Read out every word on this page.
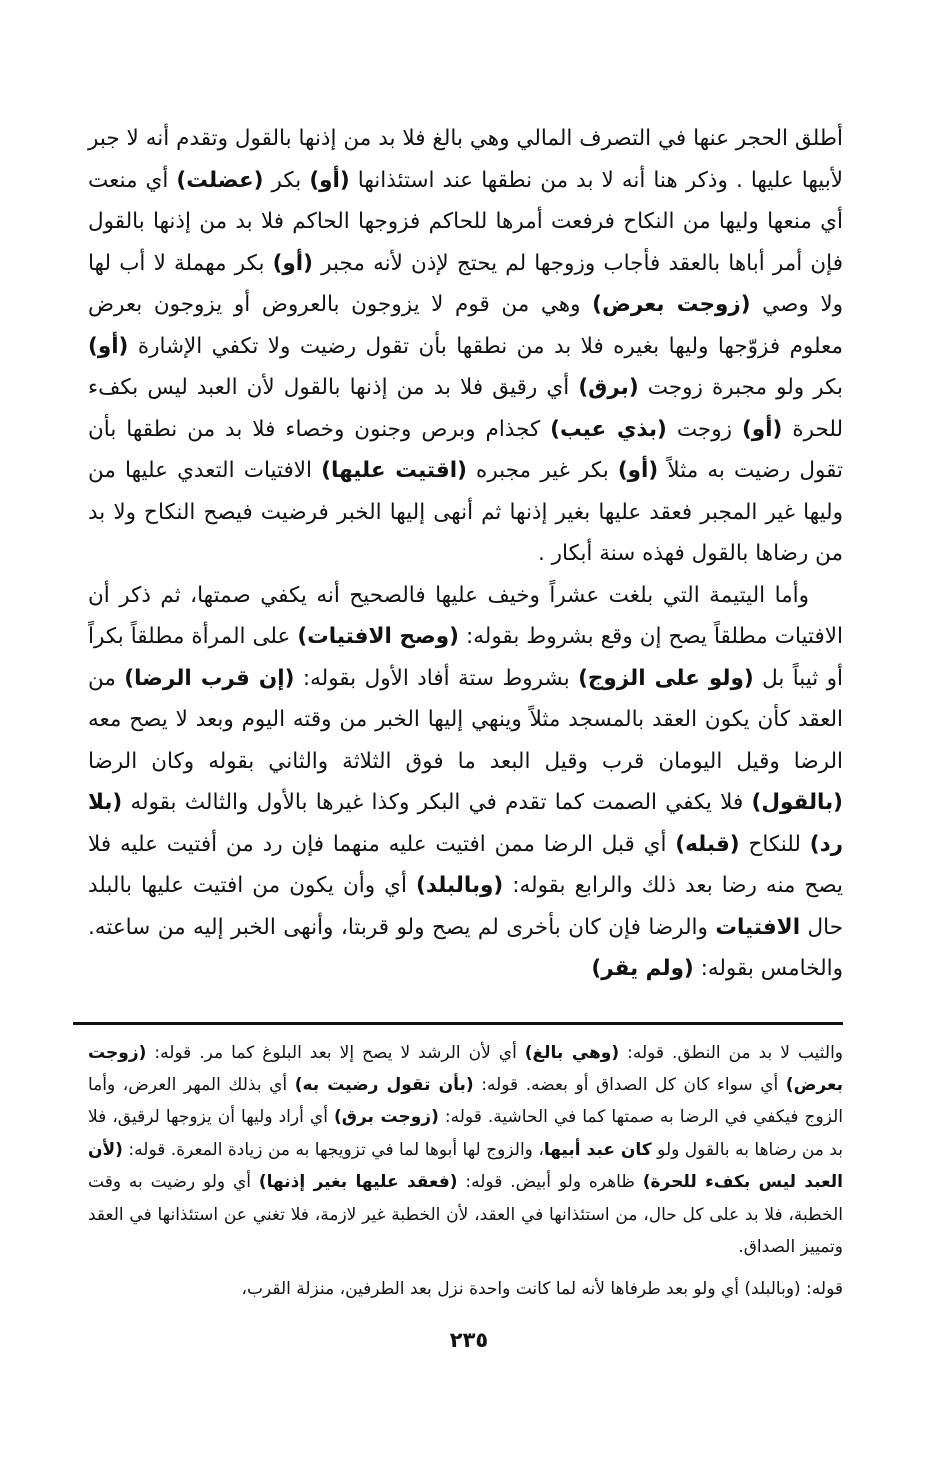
أطلق الحجر عنها في التصرف المالي وهي بالغ فلا بد من إذنها بالقول وتقدم أنه لا جبر لأبيها عليها . وذكر هنا أنه لا بد من نطقها عند استئذانها (أو) بكر (عضلت) أي منعت أي منعها وليها من النكاح فرفعت أمرها للحاكم فزوجها الحاكم فلا بد من إذنها بالقول فإن أمر أباها بالعقد فأجاب وزوجها لم يحتج لإذن لأنه مجبر (أو) بكر مهملة لا أب لها ولا وصي (زوجت بعرض) وهي من قوم لا يزوجون بالعروض أو يزوجون بعرض معلوم فزوّجها وليها بغيره فلا بد من نطقها بأن تقول رضيت ولا تكفي الإشارة (أو) بكر ولو مجبرة زوجت (برق) أي رقيق فلا بد من إذنها بالقول لأن العبد ليس بكفء للحرة (أو) زوجت (بذي عيب) كجذام وبرص وجنون وخصاء فلا بد من نطقها بأن تقول رضيت به مثلاً (أو) بكر غير مجبره (اقتيت عليها) الافتيات التعدي عليها من وليها غير المجبر فعقد عليها بغير إذنها ثم أنهى إليها الخبر فرضيت فيصح النكاح ولا بد من رضاها بالقول فهذه سنة أبكار .

وأما اليتيمة التي بلغت عشراً وخيف عليها فالصحيح أنه يكفي صمتها، ثم ذكر أن الافتيات مطلقاً يصح إن وقع بشروط بقوله: (وصح الافتيات) على المرأة مطلقاً بكراً أو ثيباً بل (ولو على الزوج) بشروط ستة أفاد الأول بقوله: (إن قرب الرضا) من العقد كأن يكون العقد بالمسجد مثلاً وينهي إليها الخبر من وقته اليوم وبعد لا يصح معه الرضا وقيل اليومان قرب وقيل البعد ما فوق الثلاثة والثاني بقوله وكان الرضا (بالقول) فلا يكفي الصمت كما تقدم في البكر وكذا غيرها بالأول والثالث بقوله (بلا رد) للنكاح (قبله) أي قبل الرضا ممن افتيت عليه منهما فإن رد من أفتيت عليه فلا يصح منه رضا بعد ذلك والرابع بقوله: (وبالبلد) أي وأن يكون من افتيت عليها بالبلد حال الافتيات والرضا فإن كان بأخرى لم يصح ولو قربتا، وأنهى الخبر إليه من ساعته. والخامس بقوله: (ولم يقر)

والثيب لا بد من النطق. قوله: (وهي بالغ) أي لأن الرشد لا يصح إلا بعد البلوغ كما مر. قوله: (زوجت بعرض) أي سواء كان كل الصداق أو بعضه. قوله: (بأن تقول رضيت به) أي بذلك المهر العرض، وأما الزوج فيكفي في الرضا به صمتها كما في الحاشية. قوله: (زوجت برق) أي أراد وليها أن يزوجها لرقيق، فلا بد من رضاها به بالقول ولو كان عبد أبيها، والزوج لها أبوها لما في تزويجها به من زيادة المعرة. قوله: (لأن العبد ليس بكفء للحرة) ظاهره ولو أبيض. قوله: (فعقد عليها بغير إذنها) أي ولو رضيت به وقت الخطبة، فلا بد على كل حال، من استئذانها في العقد، لأن الخطبة غير لازمة، فلا تغني عن استئذانها في العقد وتمييز الصداق.

قوله: (وبالبلد) أي ولو بعد طرفاها لأنه لما كانت واحدة نزل بعد الطرفين، منزلة القرب،

٢٣٥
